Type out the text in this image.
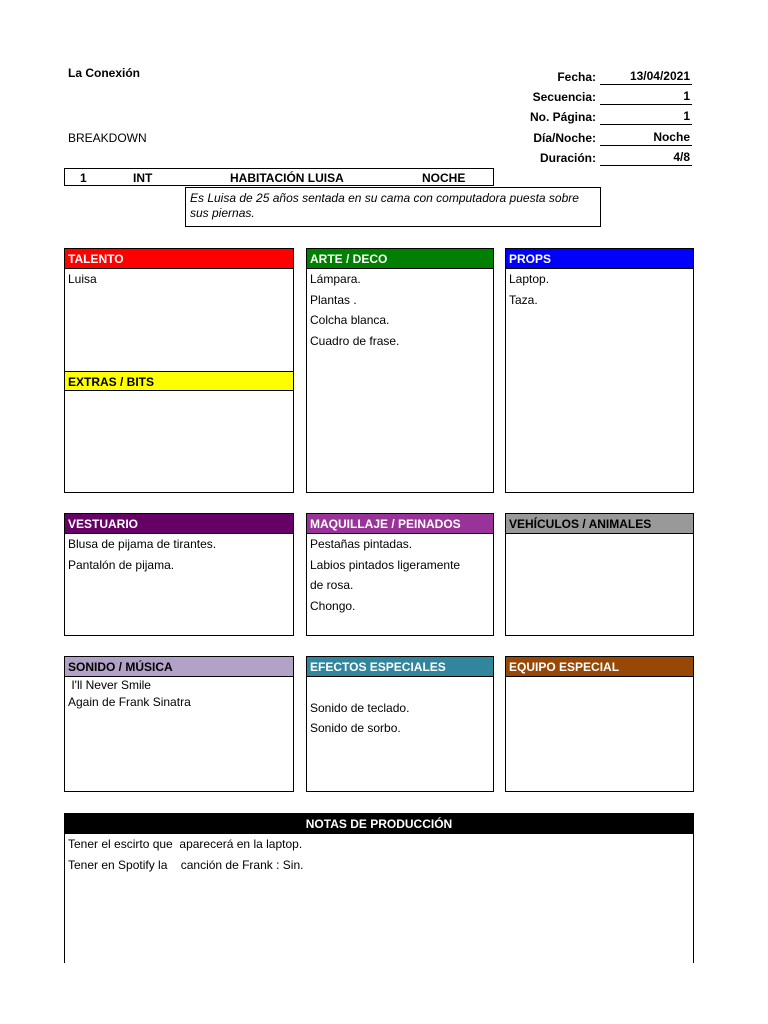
La Conexión
BREAKDOWN
Fecha:	13/04/2021
Secuencia:	1
No. Página:	1
Día/Noche:	Noche
Duración:	4/8
1	INT	HABITACIÓN LUISA	NOCHE
Es Luisa de 25 años sentada en su cama con computadora puesta sobre sus piernas.
TALENTO
Luisa
EXTRAS / BITS
ARTE / DECO
Lámpara.
Plantas .
Colcha blanca.
Cuadro de frase.
PROPS
Laptop.
Taza.
VESTUARIO
Blusa de pijama de tirantes.
Pantalón de pijama.
MAQUILLAJE / PEINADOS
Pestañas pintadas.
Labios pintados ligeramente
de rosa.
Chongo.
VEHÍCULOS / ANIMALES
SONIDO / MÚSICA
I'll Never Smile
Again de Frank Sinatra
EFECTOS ESPECIALES
Sonido de teclado.
Sonido de sorbo.
EQUIPO ESPECIAL
NOTAS DE PRODUCCIÓN
Tener el escirto que  aparecerá en la laptop.
Tener en Spotify la    canción de Frank : Sin.
